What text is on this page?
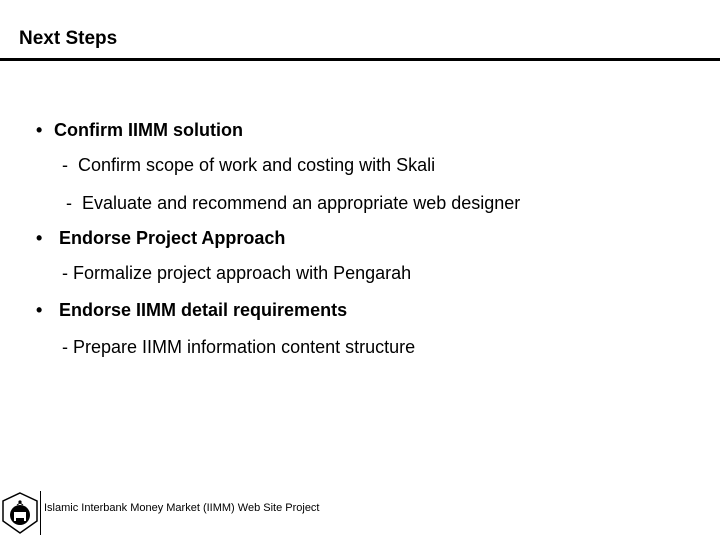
Next Steps
• Confirm IIMM solution
- Confirm scope of work and costing with Skali
- Evaluate and recommend an appropriate web designer
• Endorse Project Approach
- Formalize project approach with Pengarah
• Endorse IIMM detail requirements
- Prepare IIMM information content structure
Islamic Interbank Money Market (IIMM) Web Site Project
